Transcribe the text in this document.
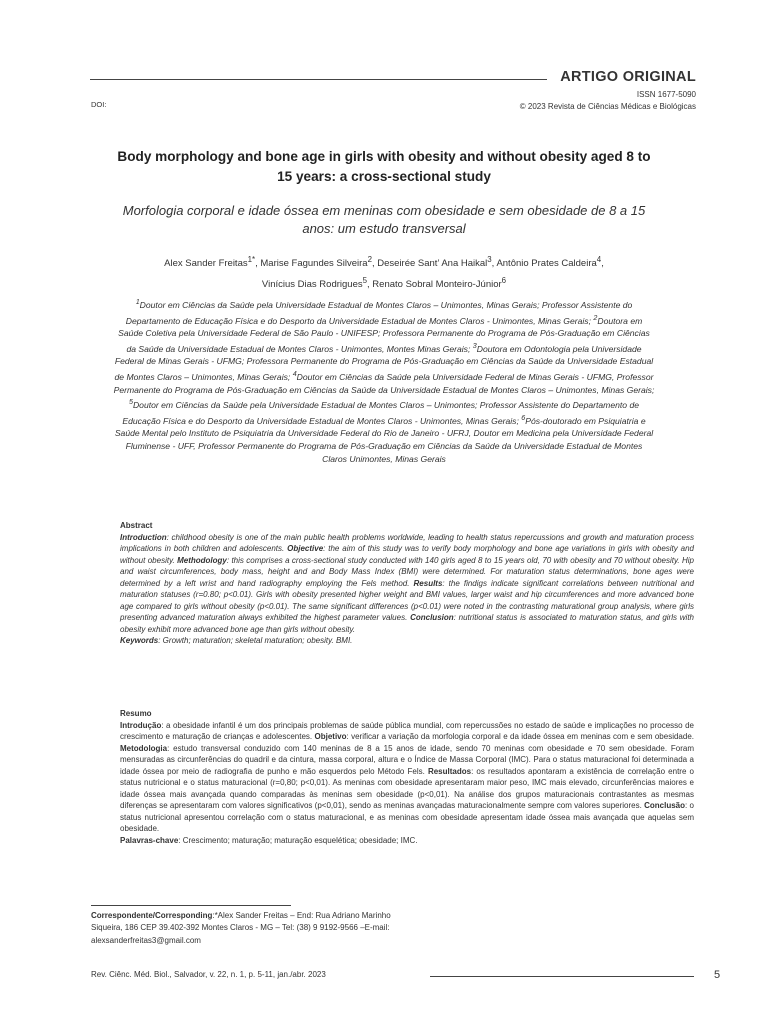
ARTIGO ORIGINAL
ISSN 1677-5090
© 2023 Revista de Ciências Médicas e Biológicas
DOI:
Body morphology and bone age in girls with obesity and without obesity aged 8 to 15 years: a cross-sectional study
Morfologia corporal e idade óssea em meninas com obesidade e sem obesidade de 8 a 15 anos: um estudo transversal
Alex Sander Freitas$^{1*}$, Marise Fagundes Silveira$^2$, Deseirée Sant’ Ana Haikal$^3$, Antônio Prates Caldeira$^4$,
Vinícius Dias Rodrigues$^5$, Renato Sobral Monteiro-Júnior$^6$
$^1$Doutor em Ciências da Saúde pela Universidade Estadual de Montes Claros – Unimontes, Minas Gerais; Professor Assistente do Departamento de Educação Física e do Desporto da Universidade Estadual de Montes Claros - Unimontes, Minas Gerais; $^2$Doutora em Saúde Coletiva pela Universidade Federal de São Paulo - UNIFESP; Professora Permanente do Programa de Pós-Graduação em Ciências da Saúde da Universidade Estadual de Montes Claros - Unimontes, Montes Minas Gerais; $^3$Doutora em Odontologia pela Universidade Federal de Minas Gerais - UFMG; Professora Permanente do Programa de Pós-Graduação em Ciências da Saúde da Universidade Estadual de Montes Claros – Unimontes, Minas Gerais; $^4$Doutor em Ciências da Saúde pela Universidade Federal de Minas Gerais - UFMG, Professor Permanente do Programa de Pós-Graduação em Ciências da Saúde da Universidade Estadual de Montes Claros – Unimontes, Minas Gerais; $^5$Doutor em Ciências da Saúde pela Universidade Estadual de Montes Claros – Unimontes; Professor Assistente do Departamento de Educação Física e do Desporto da Universidade Estadual de Montes Claros - Unimontes, Minas Gerais; $^6$Pós-doutorado em Psiquiatria e Saúde Mental pelo Instituto de Psiquiatria da Universidade Federal do Rio de Janeiro - UFRJ, Doutor em Medicina pela Universidade Federal Fluminense - UFF, Professor Permanente do Programa de Pós-Graduação em Ciências da Saúde da Universidade Estadual de Montes Claros Unimontes, Minas Gerais
Abstract
Introduction: childhood obesity is one of the main public health problems worldwide, leading to health status repercussions and growth and maturation process implications in both children and adolescents. Objective: the aim of this study was to verify body morphology and bone age variations in girls with obesity and without obesity. Methodology: this comprises a cross-sectional study conducted with 140 girls aged 8 to 15 years old, 70 with obesity and 70 without obesity. Hip and waist circumferences, body mass, height and and Body Mass Index (BMI) were determined. For maturation status determinations, bone ages were determined by a left wrist and hand radiography employing the Fels method. Results: the findigs indicate significant correlations between nutritional and maturation statuses (r=0.80; p<0.01). Girls with obesity presented higher weight and BMI values, larger waist and hip circumferences and more advanced bone age compared to girls without obesity (p<0.01). The same significant differences (p<0.01) were noted in the contrasting maturational group analysis, where girls presenting advanced maturation always exhibited the highest parameter values. Conclusion: nutritional status is associated to maturation status, and girls with obesity exhibit more advanced bone age than girls without obesity.
Keywords: Growth; maturation; skeletal maturation; obesity. BMI.
Resumo
Introdução: a obesidade infantil é um dos principais problemas de saúde pública mundial, com repercussões no estado de saúde e implicações no processo de crescimento e maturação de crianças e adolescentes. Objetivo: verificar a variação da morfologia corporal e da idade óssea em meninas com e sem obesidade. Metodologia: estudo transversal conduzido com 140 meninas de 8 a 15 anos de idade, sendo 70 meninas com obesidade e 70 sem obesidade. Foram mensuradas as circunferências do quadril e da cintura, massa corporal, altura e o Índice de Massa Corporal (IMC). Para o status maturacional foi determinada a idade óssea por meio de radiografia de punho e mão esquerdos pelo Método Fels. Resultados: os resultados apontaram a existência de correlação entre o status nutricional e o status maturacional (r=0,80; p<0,01). As meninas com obesidade apresentaram maior peso, IMC mais elevado, circunferências maiores e idade óssea mais avançada quando comparadas às meninas sem obesidade (p<0,01). Na análise dos grupos maturacionais contrastantes as mesmas diferenças se apresentaram com valores significativos (p<0,01), sendo as meninas avançadas maturacionalmente sempre com valores superiores. Conclusão: o status nutricional apresentou correlação com o status maturacional, e as meninas com obesidade apresentam idade óssea mais avançada que aquelas sem obesidade.
Palavras-chave: Crescimento; maturação; maturação esquelética; obesidade; IMC.
Correspondente/Corresponding:*Alex Sander Freitas – End: Rua Adriano Marinho Siqueira, 186 CEP 39.402-392 Montes Claros - MG – Tel: (38) 9 9192-9566 –E-mail: alexsanderfreitas3@gmail.com
Rev. Ciênc. Méd. Biol., Salvador, v. 22, n. 1, p. 5-11, jan./abr. 2023	5
